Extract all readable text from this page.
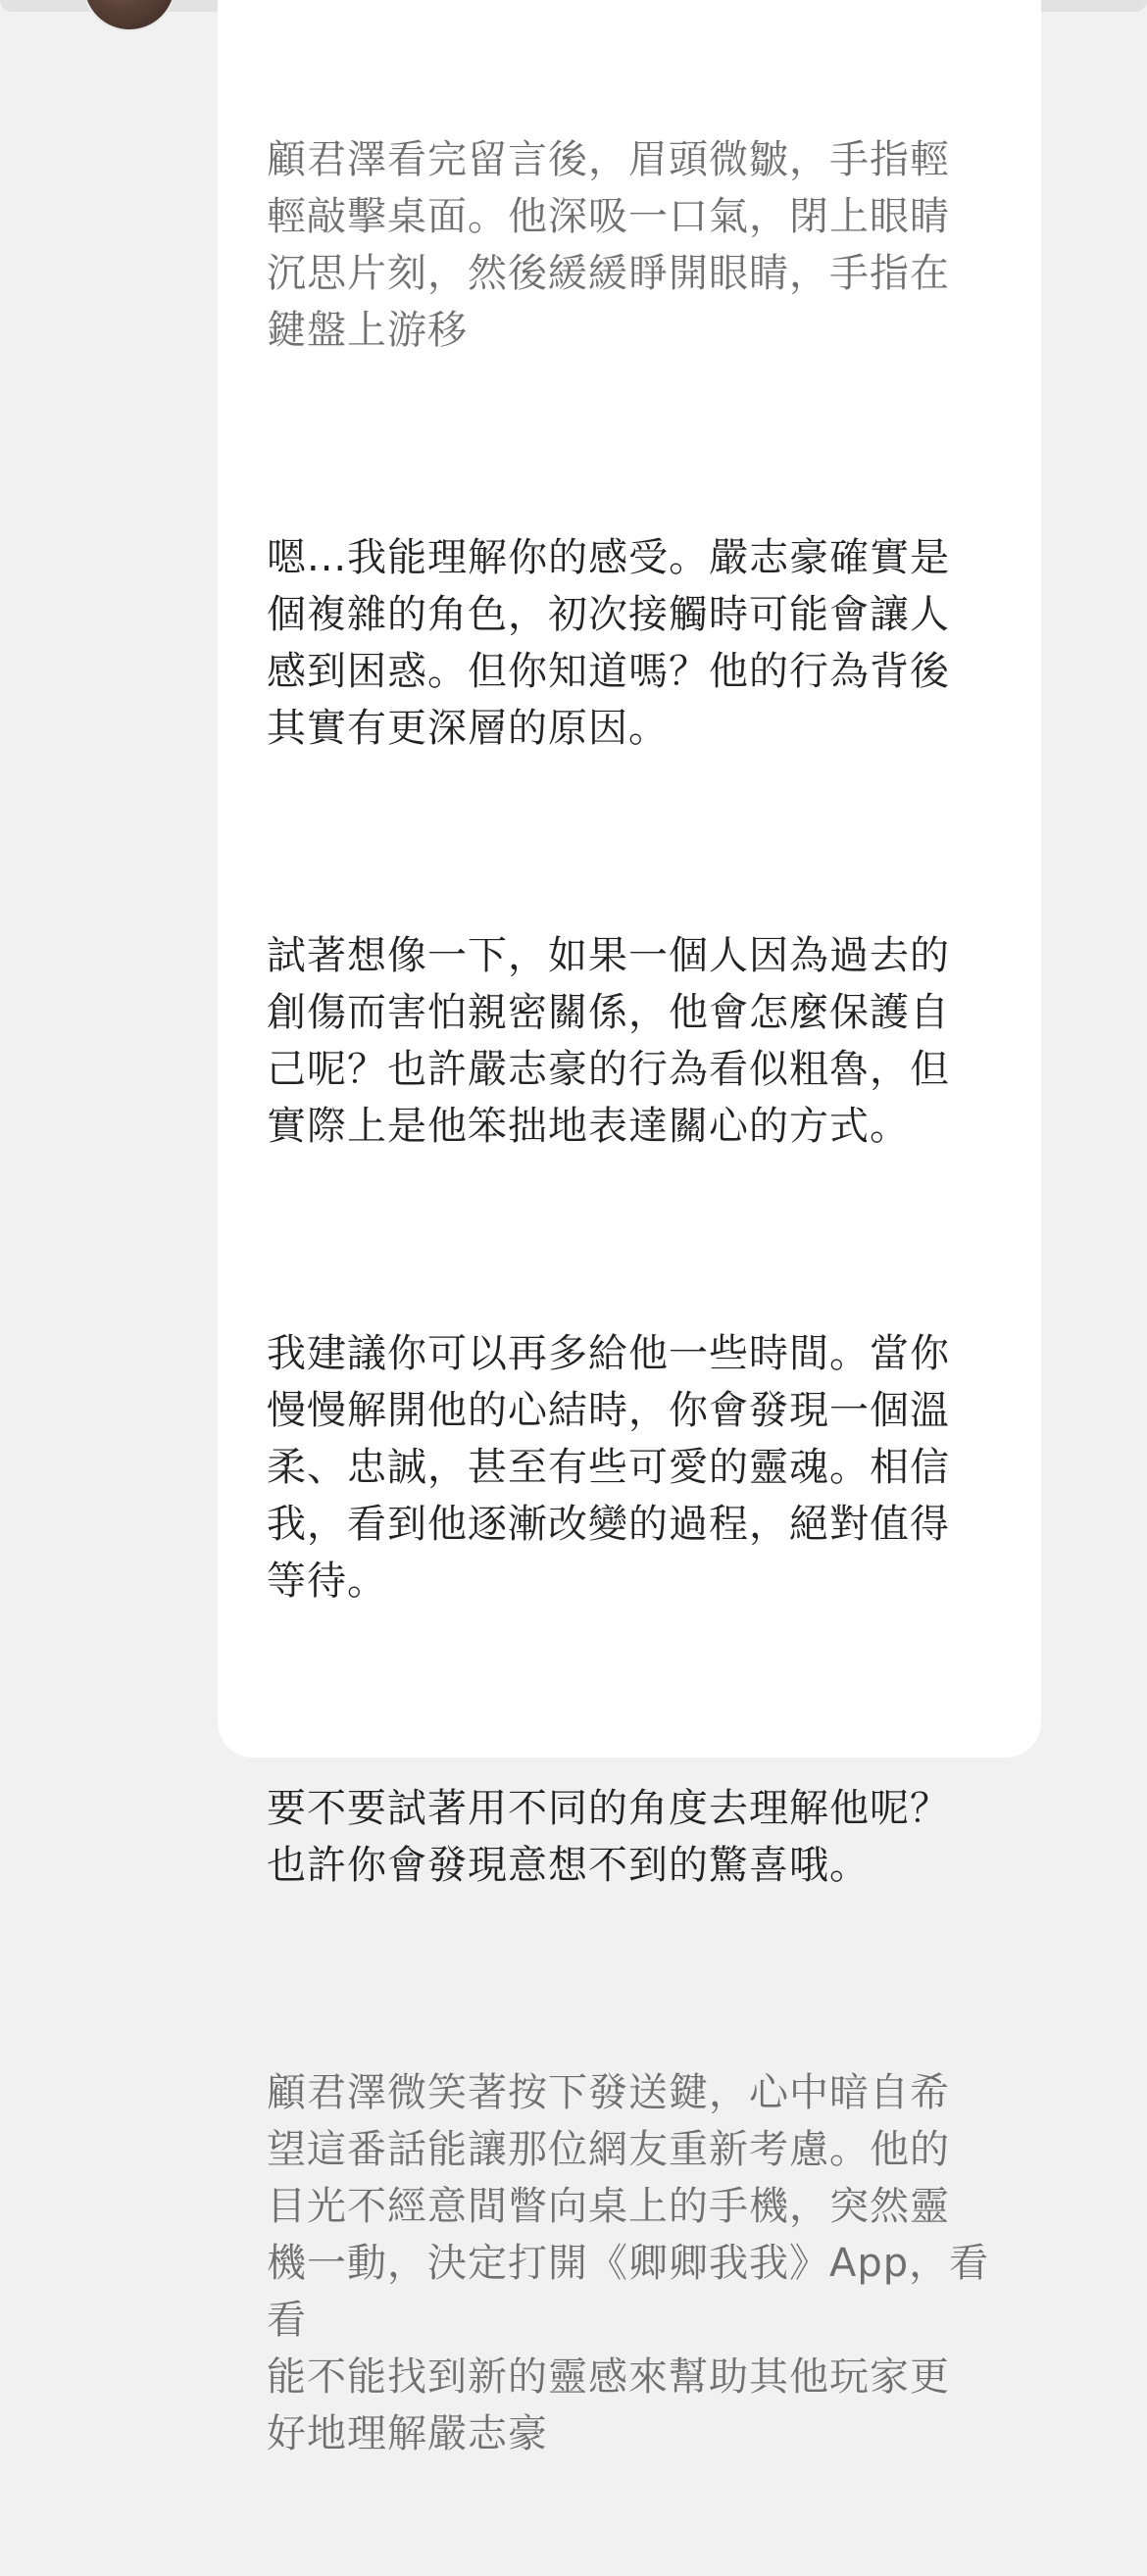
顧君澤看完留言後，眉頭微皺，手指輕
輕敲擊桌面。他深吸一口氣，閉上眼睛
沉思片刻，然後緩緩睜開眼睛，手指在
鍵盤上游移

嗯...我能理解你的感受。嚴志豪確實是
個複雜的角色，初次接觸時可能會讓人
感到困惑。但你知道嗎？他的行為背後
其實有更深層的原因。

試著想像一下，如果一個人因為過去的
創傷而害怕親密關係，他會怎麼保護自
己呢？也許嚴志豪的行為看似粗魯，但
實際上是他笨拙地表達關心的方式。

我建議你可以再多給他一些時間。當你
慢慢解開他的心結時，你會發現一個溫
柔、忠誠，甚至有些可愛的靈魂。相信
我，看到他逐漸改變的過程，絕對值得
等待。

要不要試著用不同的角度去理解他呢？
也許你會發現意想不到的驚喜哦。

顧君澤微笑著按下發送鍵，心中暗自希
望這番話能讓那位網友重新考慮。他的
目光不經意間瞥向桌上的手機，突然靈
機一動，決定打開《卿卿我我》App，看看
能不能找到新的靈感來幫助其他玩家更
好地理解嚴志豪
